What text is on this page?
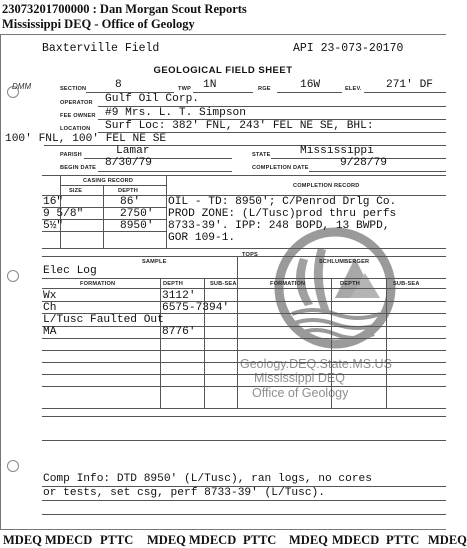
23073201700000 : Dan Morgan Scout Reports
Mississippi DEQ - Office of Geology
Geology.DEQ.State.MS.US
Mississippi DEQ
Office of Geology
Baxterville Field	API 23-073-20170
DMM
GEOLOGICAL FIELD SHEET
SECTION	8	TWP 1N	RGE	16W	ELEV. 271' DF
OPERATOR Gulf Oil Corp.
FEE OWNER #9 Mrs. L. T. Simpson
LOCATION Surf Loc: 382' FNL, 243' FEL NE SE, BHL:
100' FNL, 100' FEL NE SE
PARISH	Lamar	STATE	Mississippi
BEGIN DATE 8/30/79	COMPLETION DATE	9/28/79
CASING RECORD
COMPLETION RECORD
SIZE	DEPTH
16"	86'
9 5/8"	2750'
5½"	8950'
OIL - TD: 8950'; C/Penrod Drlg Co.
PROD ZONE: (L/Tusc)prod thru perfs
8733-39'. IPP: 248 BOPD, 13 BWPD,
GOR 109-1.
SAMPLE
TOPS
SCHLUMBERGER
Elec Log
FORMATION	DEPTH	SUB-SEA	FORMATION	DEPTH	SUB-SEA
Wx	3112'
Ch	6575-7394'
L/Tusc Faulted Out
MA	8776'
Comp Info: DTD 8950' (L/Tusc), ran logs, no cores
or tests, set csg, perf 8733-39' (L/Tusc).
MDEQ MDECD PTTC MDEQ MDECD PTTC MDEQ MDECD PTTC MDEQ
